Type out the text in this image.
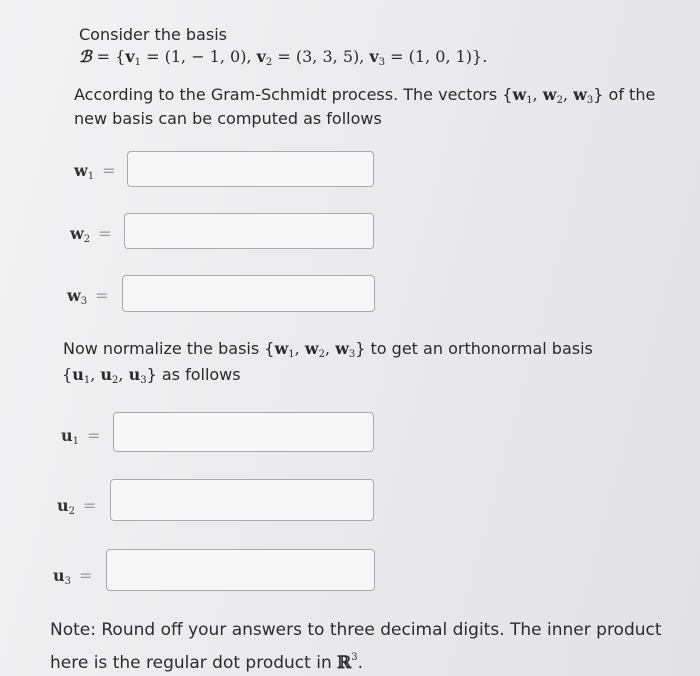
Consider the basis
ℬ = {$v_1 = (1$, − 1, 0), $v_2 = (3$, 3, 5), $v_3 = (1$, 0, 1)}.
According to the Gram-Schmidt process. The vectors {$w_1$, $w_2$, $w_3$} of the
new basis can be computed as follows
$w_1$ =
$w_2$ =
$w_3$ =
Now normalize the basis {$w_1$, $w_2$, $w_3$} to get an orthonormal basis
{$u_1$, $u_2$, $u_3$} as follows
$u_1$ =
$u_2$ =
$u_3$ =
Note: Round off your answers to three decimal digits. The inner product
here is the regular dot product in ℝ$^3$.
